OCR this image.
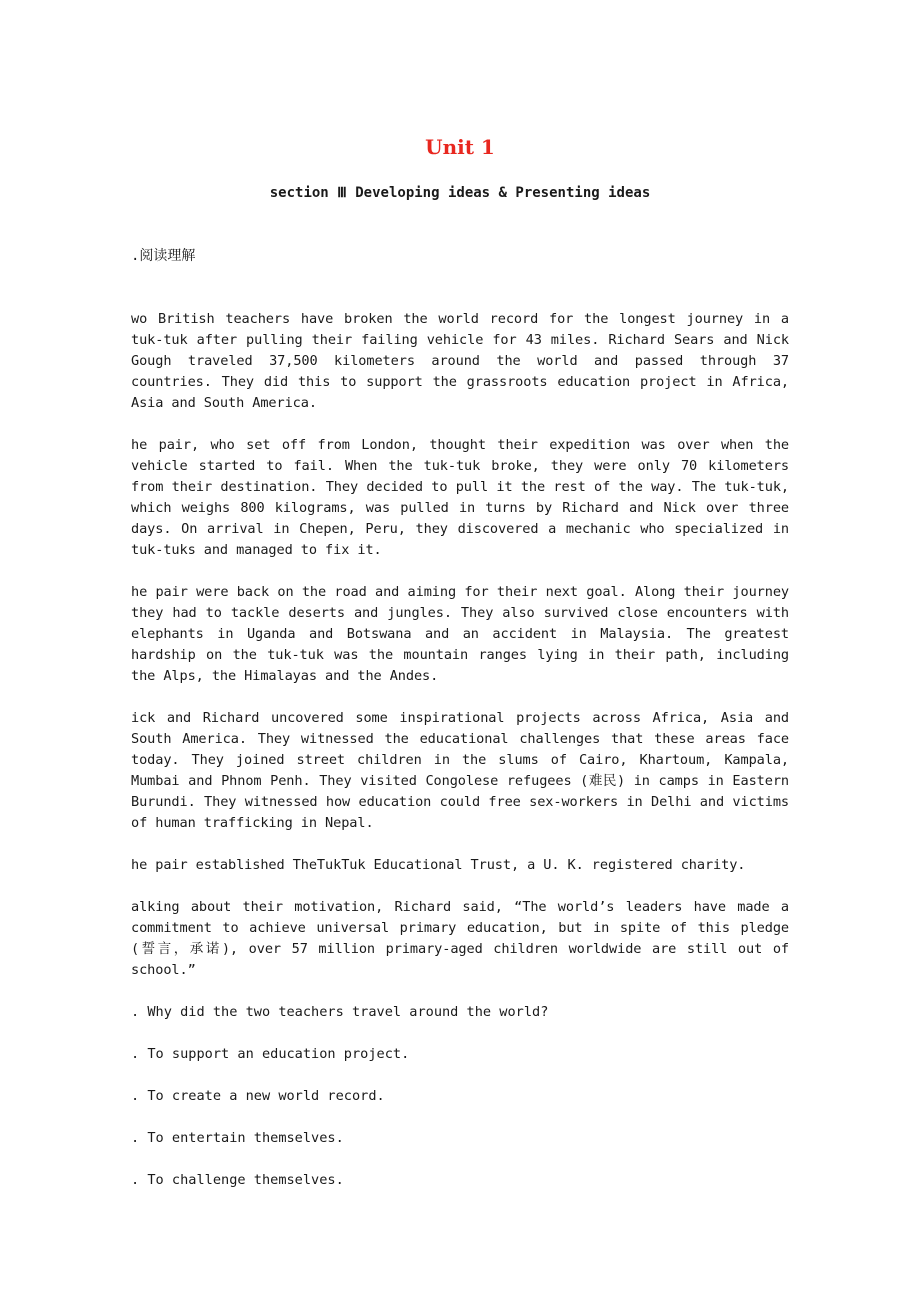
Unit 1
section Ⅲ Developing ideas & Presenting ideas
.阅读理解

wo British teachers have broken the world record for the longest journey in a tuk-tuk after pulling their failing vehicle for 43 miles. Richard Sears and Nick Gough traveled 37,500 kilometers around the world and passed through 37 countries. They did this to support the grassroots education project in Africa, Asia and South America.

he pair, who set off from London, thought their expedition was over when the vehicle started to fail. When the tuk-tuk broke, they were only 70 kilometers from their destination. They decided to pull it the rest of the way. The tuk-tuk, which weighs 800 kilograms, was pulled in turns by Richard and Nick over three days. On arrival in Chepen, Peru, they discovered a mechanic who specialized in tuk-tuks and managed to fix it.

he pair were back on the road and aiming for their next goal. Along their journey they had to tackle deserts and jungles. They also survived close encounters with elephants in Uganda and Botswana and an accident in Malaysia. The greatest hardship on the tuk-tuk was the mountain ranges lying in their path, including the Alps, the Himalayas and the Andes.

ick and Richard uncovered some inspirational projects across Africa, Asia and South America. They witnessed the educational challenges that these areas face today. They joined street children in the slums of Cairo, Khartoum, Kampala, Mumbai and Phnom Penh. They visited Congolese refugees (难民) in camps in Eastern Burundi. They witnessed how education could free sex-workers in Delhi and victims of human trafficking in Nepal.

he pair established TheTukTuk Educational Trust, a U. K. registered charity.

alking about their motivation, Richard said, “The world’s leaders have made a commitment to achieve universal primary education, but in spite of this pledge (誓言，承诺), over 57 million primary-aged children worldwide are still out of school.”

. Why did the two teachers travel around the world?

. To support an education project.

. To create a new world record.

. To entertain themselves.

. To challenge themselves.
